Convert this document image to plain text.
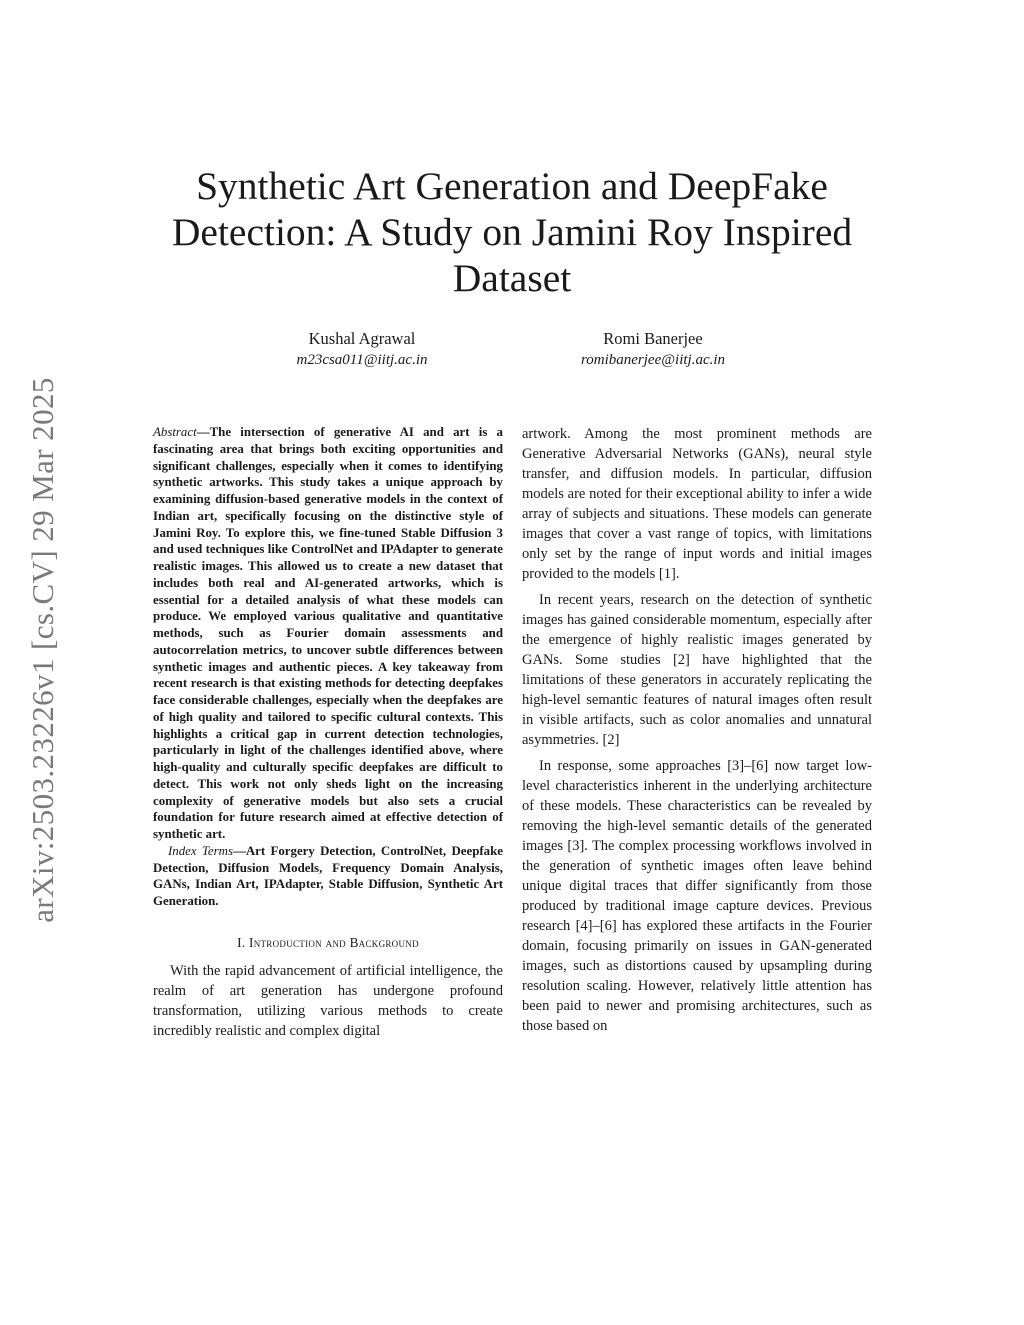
arXiv:2503.23226v1 [cs.CV] 29 Mar 2025
Synthetic Art Generation and DeepFake Detection: A Study on Jamini Roy Inspired Dataset
Kushal Agrawal
m23csa011@iitj.ac.in
Romi Banerjee
romibanerjee@iitj.ac.in

Abstract—The intersection of generative AI and art is a fascinating area that brings both exciting opportunities and significant challenges, especially when it comes to identifying synthetic artworks. This study takes a unique approach by examining diffusion-based generative models in the context of Indian art, specifically focusing on the distinctive style of Jamini Roy. To explore this, we fine-tuned Stable Diffusion 3 and used techniques like ControlNet and IPAdapter to generate realistic images. This allowed us to create a new dataset that includes both real and AI-generated artworks, which is essential for a detailed analysis of what these models can produce. We employed various qualitative and quantitative methods, such as Fourier domain assessments and autocorrelation metrics, to uncover subtle differences between synthetic images and authentic pieces. A key takeaway from recent research is that existing methods for detecting deepfakes face considerable challenges, especially when the deepfakes are of high quality and tailored to specific cultural contexts. This highlights a critical gap in current detection technologies, particularly in light of the challenges identified above, where high-quality and culturally specific deepfakes are difficult to detect. This work not only sheds light on the increasing complexity of generative models but also sets a crucial foundation for future research aimed at effective detection of synthetic art.

Index Terms—Art Forgery Detection, ControlNet, Deepfake Detection, Diffusion Models, Frequency Domain Analysis, GANs, Indian Art, IPAdapter, Stable Diffusion, Synthetic Art Generation.

I. Introduction and Background

With the rapid advancement of artificial intelligence, the realm of art generation has undergone profound transformation, utilizing various methods to create incredibly realistic and complex digital

artwork. Among the most prominent methods are Generative Adversarial Networks (GANs), neural style transfer, and diffusion models. In particular, diffusion models are noted for their exceptional ability to infer a wide array of subjects and situations. These models can generate images that cover a vast range of topics, with limitations only set by the range of input words and initial images provided to the models [1].

In recent years, research on the detection of synthetic images has gained considerable momentum, especially after the emergence of highly realistic images generated by GANs. Some studies [2] have highlighted that the limitations of these generators in accurately replicating the high-level semantic features of natural images often result in visible artifacts, such as color anomalies and unnatural asymmetries. [2]

In response, some approaches [3]–[6] now target low-level characteristics inherent in the underlying architecture of these models. These characteristics can be revealed by removing the high-level semantic details of the generated images [3]. The complex processing workflows involved in the generation of synthetic images often leave behind unique digital traces that differ significantly from those produced by traditional image capture devices. Previous research [4]–[6] has explored these artifacts in the Fourier domain, focusing primarily on issues in GAN-generated images, such as distortions caused by upsampling during resolution scaling. However, relatively little attention has been paid to newer and promising architectures, such as those based on
